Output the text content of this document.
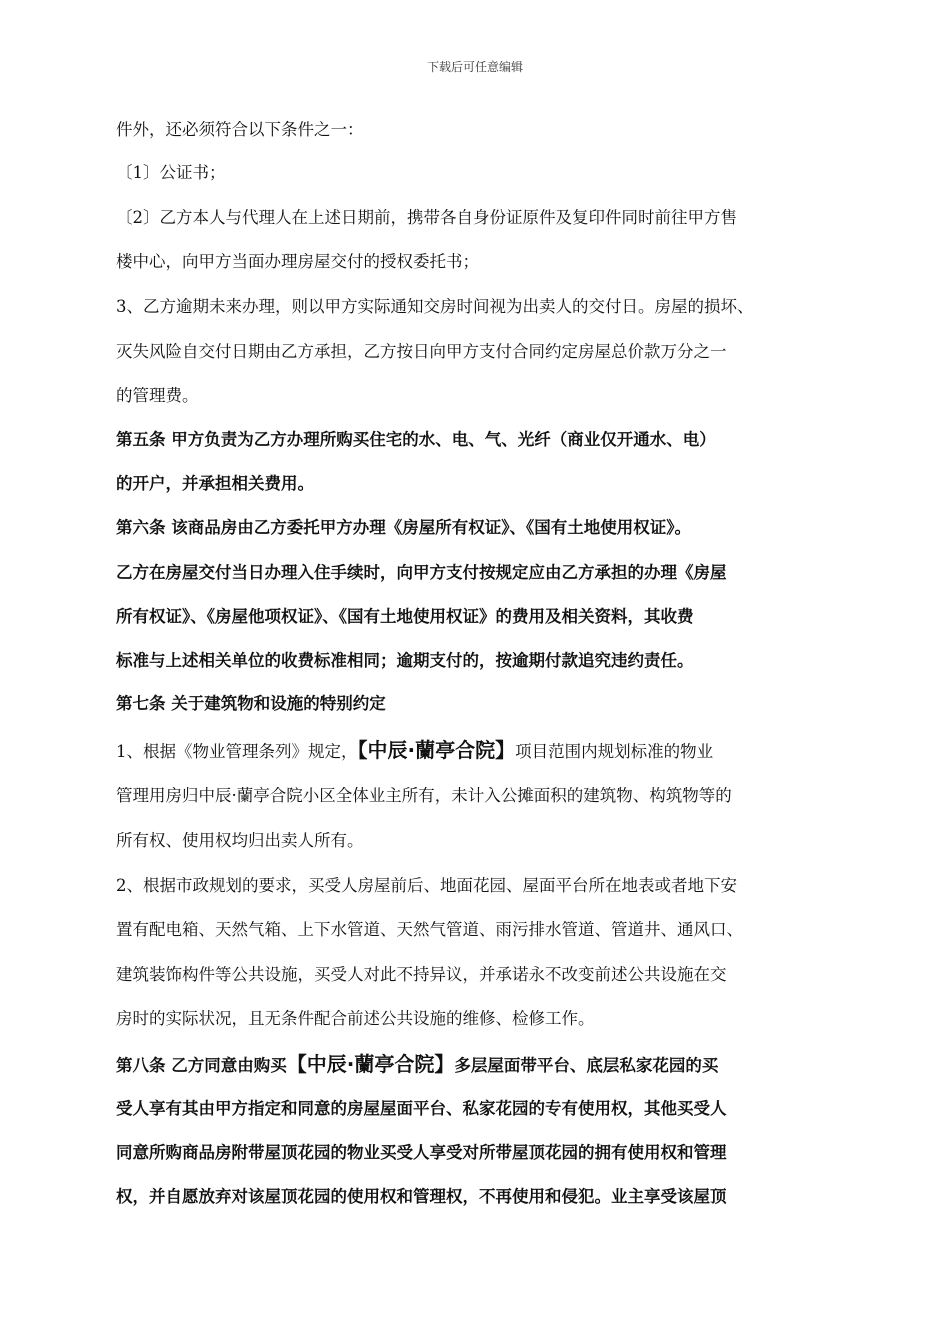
下载后可任意编辑
件外，还必须符合以下条件之一：
〔1〕公证书；
〔2〕乙方本人与代理人在上述日期前，携带各自身份证原件及复印件同时前往甲方售
楼中心，向甲方当面办理房屋交付的授权委托书；
3、乙方逾期未来办理，则以甲方实际通知交房时间视为出卖人的交付日。房屋的损坏、
灭失风险自交付日期由乙方承担，乙方按日向甲方支付合同约定房屋总价款万分之一
的管理费。
第五条 甲方负责为乙方办理所购买住宅的水、电、气、光纤（商业仅开通水、电）
的开户，并承担相关费用。
第六条 该商品房由乙方委托甲方办理《房屋所有权证》、《国有土地使用权证》。
乙方在房屋交付当日办理入住手续时，向甲方支付按规定应由乙方承担的办理《房屋
所有权证》、《房屋他项权证》、《国有土地使用权证》的费用及相关资料，其收费
标准与上述相关单位的收费标准相同；逾期支付的，按逾期付款追究违约责任。
第七条 关于建筑物和设施的特别约定
1、根据《物业管理条列》规定，【中辰·蘭亭合院】项目范围内规划标准的物业
管理用房归中辰·蘭亭合院小区全体业主所有，未计入公摊面积的建筑物、构筑物等的
所有权、使用权均归出卖人所有。
2、根据市政规划的要求，买受人房屋前后、地面花园、屋面平台所在地表或者地下安
置有配电箱、天然气箱、上下水管道、天然气管道、雨污排水管道、管道井、通风口、
建筑装饰构件等公共设施，买受人对此不持异议，并承诺永不改变前述公共设施在交
房时的实际状况，且无条件配合前述公共设施的维修、检修工作。
第八条 乙方同意由购买【中辰·蘭亭合院】多层屋面带平台、底层私家花园的买
受人享有其由甲方指定和同意的房屋屋面平台、私家花园的专有使用权，其他买受人
同意所购商品房附带屋顶花园的物业买受人享受对所带屋顶花园的拥有使用权和管理
权，并自愿放弃对该屋顶花园的使用权和管理权，不再使用和侵犯。业主享受该屋顶
